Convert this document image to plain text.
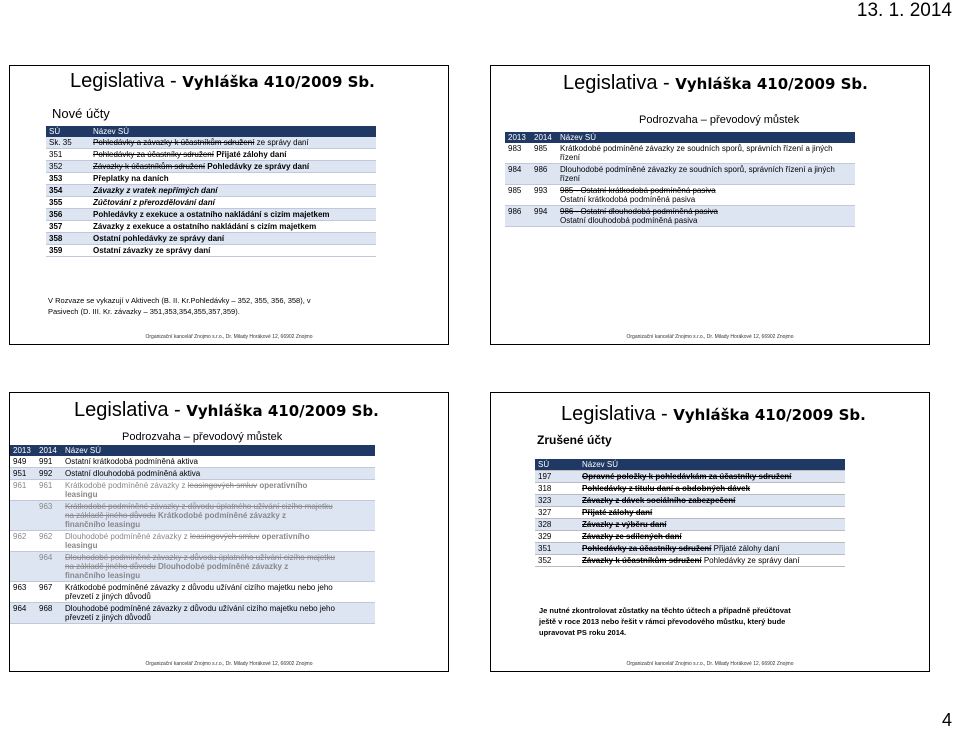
13. 1. 2014
Legislativa - Vyhláška 410/2009 Sb.
Nové účty
SÚ	Název SÚ
Sk. 35	Pohledávky a závazky k účastníkům sdružení ze správy daní
351	Pohledávky za účastníky sdružení Přijaté zálohy daní
352	Závazky k účastníkům sdružení Pohledávky ze správy daní
353	Přeplatky na daních
354	Závazky z vratek nepřímých daní
355	Zúčtování z přerozdělování daní
356	Pohledávky z exekuce a ostatního nakládání s cizím majetkem
357	Závazky z exekuce a ostatního nakládání s cizím majetkem
358	Ostatní pohledávky ze správy daní
359	Ostatní závazky ze správy daní
V Rozvaze se vykazují v Aktivech (B. II. Kr.Pohledávky – 352, 355, 356, 358), v
Pasivech (D. III. Kr. závazky – 351,353,354,355,357,359).
Organizační kancelář Znojmo s.r.o., Dr. Milady Horákové 12, 66902 Znojmo
Legislativa - Vyhláška 410/2009 Sb.
Podrozvaha – převodový můstek
2013	2014	Název SÚ
983	985	Krátkodobé podmíněné závazky ze soudních sporů, správních řízení a jiných
řízení

984	986	Dlouhodobé podmíněné závazky ze soudních sporů, správních řízení a jiných
řízení

985	993	985 - Ostatní krátkodobá podmíněná pasiva
Ostatní krátkodobá podmíněná pasiva

986	994	986 - Ostatní dlouhodobá podmíněná pasiva
Ostatní dlouhodobá podmíněná pasiva
Organizační kancelář Znojmo s.r.o., Dr. Milady Horákové 12, 66902 Znojmo
Legislativa - Vyhláška 410/2009 Sb.
Podrozvaha – převodový můstek
2013	2014	Název SÚ
949	991	Ostatní krátkodobá podmíněná aktiva
951	992	Ostatní dlouhodobá podmíněná aktiva
961	961	Krátkodobé podmíněné závazky z leasingových smluv operativního
leasingu

	963	Krátkodobé podmíněné závazky z důvodu úplatného užívání cizího majetku
na základě jiného důvodu Krátkodobé podmíněné závazky z
finančního leasingu

962	962	Dlouhodobé podmíněné závazky z leasingových smluv operativního
leasingu

	964	Dlouhodobé podmíněné závazky z důvodu úplatného užívání cizího majetku
na základě jiného důvodu Dlouhodobé podmíněné závazky z
finančního leasingu

963	967	Krátkodobé podmíněné závazky z důvodu užívání cizího majetku nebo jeho
převzetí z jiných důvodů

964	968	Dlouhodobé podmíněné závazky z důvodu užívání cizího majetku nebo jeho
převzetí z jiných důvodů
Organizační kancelář Znojmo s.r.o., Dr. Milady Horákové 12, 66902 Znojmo
Legislativa - Vyhláška 410/2009 Sb.
Zrušené účty
SÚ	Název SÚ
197	Opravné položky k pohledávkám za účastníky sdružení
318	Pohledávky z titulu daní a obdobných dávek
323	Závazky z dávek sociálního zabezpečení
327	Přijaté zálohy daní
328	Závazky z výběru daní
329	Závazky ze sdílených daní
351	Pohledávky za účastníky sdružení Přijaté zálohy daní
352	Závazky k účastníkům sdružení Pohledávky ze správy daní
Je nutné zkontrolovat zůstatky na těchto účtech a případně přeúčtovat
ještě v roce 2013 nebo řešit v rámci převodového můstku, který bude
upravovat PS roku 2014.
Organizační kancelář Znojmo s.r.o., Dr. Milady Horákové 12, 66902 Znojmo
4
